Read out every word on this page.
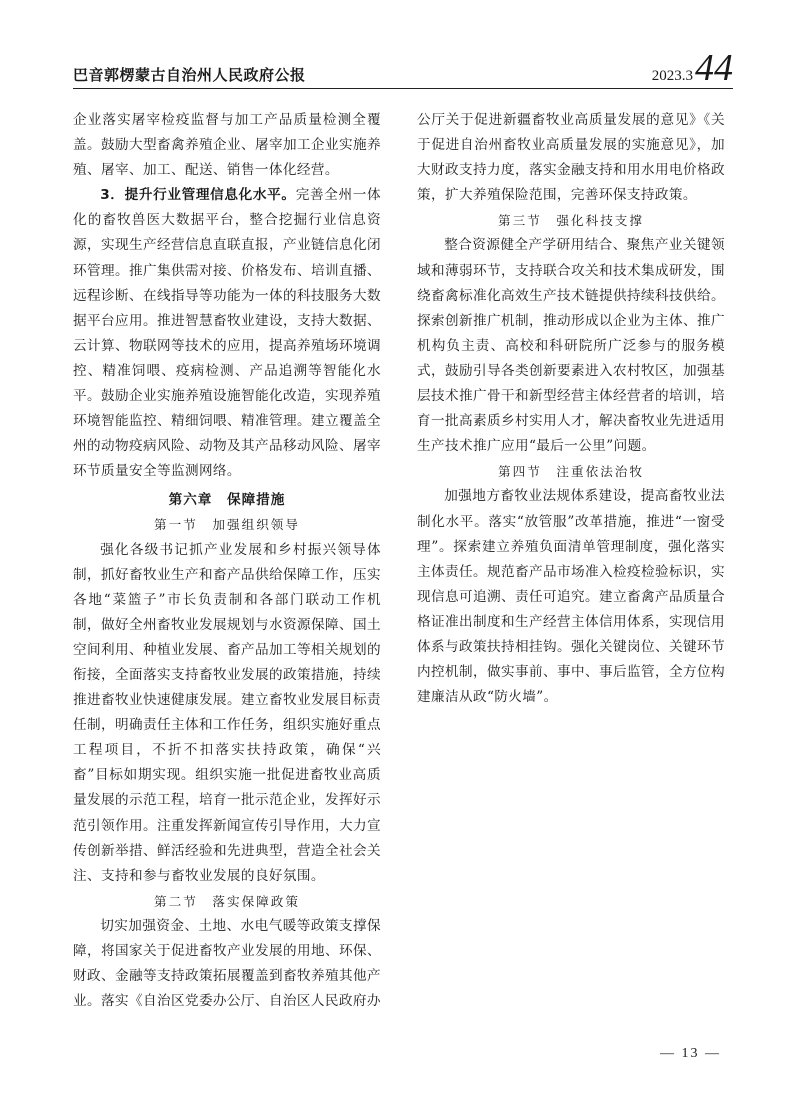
巴音郭楞蒙古自治州人民政府公报	2023.3 44

企业落实屠宰检疫监督与加工产品质量检测全覆盖。鼓励大型畜禽养殖企业、屠宰加工企业实施养殖、屠宰、加工、配送、销售一体化经营。

3．提升行业管理信息化水平。完善全州一体化的畜牧兽医大数据平台，整合挖掘行业信息资源，实现生产经营信息直联直报，产业链信息化闭环管理。推广集供需对接、价格发布、培训直播、远程诊断、在线指导等功能为一体的科技服务大数据平台应用。推进智慧畜牧业建设，支持大数据、云计算、物联网等技术的应用，提高养殖场环境调控、精准饲喂、疫病检测、产品追溯等智能化水平。鼓励企业实施养殖设施智能化改造，实现养殖环境智能监控、精细饲喂、精准管理。建立覆盖全州的动物疫病风险、动物及其产品移动风险、屠宰环节质量安全等监测网络。

第六章　保障措施
第一节　加强组织领导

强化各级书记抓产业发展和乡村振兴领导体制，抓好畜牧业生产和畜产品供给保障工作，压实各地“菜篮子”市长负责制和各部门联动工作机制，做好全州畜牧业发展规划与水资源保障、国土空间利用、种植业发展、畜产品加工等相关规划的衔接，全面落实支持畜牧业发展的政策措施，持续推进畜牧业快速健康发展。建立畜牧业发展目标责任制，明确责任主体和工作任务，组织实施好重点工程项目，不折不扣落实扶持政策，确保“兴畜”目标如期实现。组织实施一批促进畜牧业高质量发展的示范工程，培育一批示范企业，发挥好示范引领作用。注重发挥新闻宣传引导作用，大力宣传创新举措、鲜活经验和先进典型，营造全社会关注、支持和参与畜牧业发展的良好氛围。

第二节　落实保障政策

切实加强资金、土地、水电气暖等政策支撑保障，将国家关于促进畜牧产业发展的用地、环保、财政、金融等支持政策拓展覆盖到畜牧养殖其他产业。落实《自治区党委办公厅、自治区人民政府办

公厅关于促进新疆畜牧业高质量发展的意见》《关于促进自治州畜牧业高质量发展的实施意见》，加大财政支持力度，落实金融支持和用水用电价格政策，扩大养殖保险范围，完善环保支持政策。

第三节　强化科技支撑

整合资源健全产学研用结合、聚焦产业关键领域和薄弱环节，支持联合攻关和技术集成研发，围绕畜禽标准化高效生产技术链提供持续科技供给。探索创新推广机制，推动形成以企业为主体、推广机构负主责、高校和科研院所广泛参与的服务模式，鼓励引导各类创新要素进入农村牧区，加强基层技术推广骨干和新型经营主体经营者的培训，培育一批高素质乡村实用人才，解决畜牧业先进适用生产技术推广应用“最后一公里”问题。

第四节　注重依法治牧

加强地方畜牧业法规体系建设，提高畜牧业法制化水平。落实“放管服”改革措施，推进“一窗受理”。探索建立养殖负面清单管理制度，强化落实主体责任。规范畜产品市场准入检疫检验标识，实现信息可追溯、责任可追究。建立畜禽产品质量合格证准出制度和生产经营主体信用体系，实现信用体系与政策扶持相挂钩。强化关键岗位、关键环节内控机制，做实事前、事中、事后监管，全方位构建廉洁从政“防火墙”。

— 13 —
